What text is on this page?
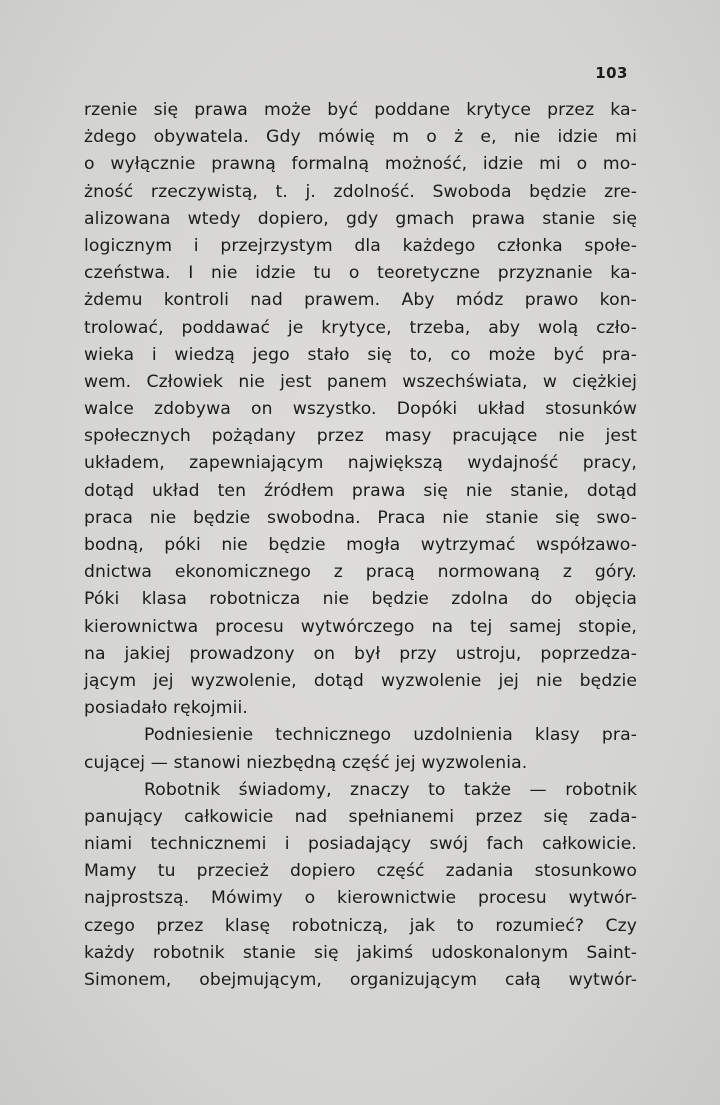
103
rzenie się prawa może być poddane krytyce przez ka-
żdego obywatela. Gdy mówię m o ż e, nie idzie mi
o wyłącznie prawną formalną możność, idzie mi o mo-
żność rzeczywistą, t. j. zdolność. Swoboda będzie zre-
alizowana wtedy dopiero, gdy gmach prawa stanie się
logicznym i przejrzystym dla każdego członka społe-
czeństwa. I nie idzie tu o teoretyczne przyznanie ka-
żdemu kontroli nad prawem. Aby módz prawo kon-
trolować, poddawać je krytyce, trzeba, aby wolą czło-
wieka i wiedzą jego stało się to, co może być pra-
wem. Człowiek nie jest panem wszechświata, w ciężkiej
walce zdobywa on wszystko. Dopóki układ stosunków
społecznych pożądany przez masy pracujące nie jest
układem, zapewniającym największą wydajność pracy,
dotąd układ ten źródłem prawa się nie stanie, dotąd
praca nie będzie swobodna. Praca nie stanie się swo-
bodną, póki nie będzie mogła wytrzymać współzawo-
dnictwa ekonomicznego z pracą normowaną z góry.
Póki klasa robotnicza nie będzie zdolna do objęcia
kierownictwa procesu wytwórczego na tej samej stopie,
na jakiej prowadzony on był przy ustroju, poprzedza-
jącym jej wyzwolenie, dotąd wyzwolenie jej nie będzie
posiadało rękojmii.
Podniesienie technicznego uzdolnienia klasy pra-
cującej — stanowi niezbędną część jej wyzwolenia.
Robotnik świadomy, znaczy to także — robotnik
panujący całkowicie nad spełnianemi przez się zada-
niami technicznemi i posiadający swój fach całkowicie.
Mamy tu przecież dopiero część zadania stosunkowo
najprostszą. Mówimy o kierownictwie procesu wytwór-
czego przez klasę robotniczą, jak to rozumieć? Czy
każdy robotnik stanie się jakimś udoskonalonym Saint-
Simonem, obejmującym, organizującym całą wytwór-
